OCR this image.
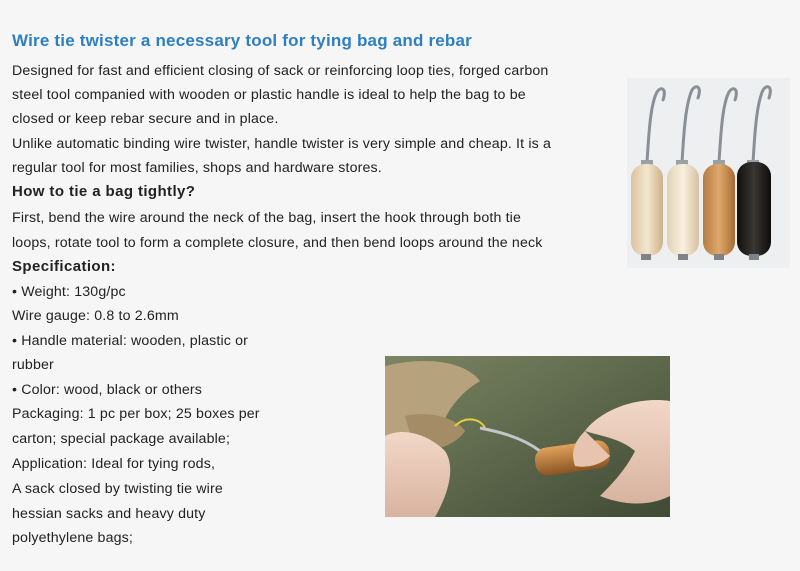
Wire tie twister a necessary tool for tying bag and rebar
Designed for fast and efficient closing of sack or reinforcing loop ties, forged carbon
steel tool companied with wooden or plastic handle is ideal to help the bag to be
closed or keep rebar secure and in place.
Unlike automatic binding wire twister, handle twister is very simple and cheap. It is a
regular tool for most families, shops and hardware stores.
How to tie a bag tightly?
First, bend the wire around the neck of the bag, insert the hook through both tie
loops, rotate tool to form a complete closure, and then bend loops around the neck
Specification:
• Weight: 130g/pc
Wire gauge: 0.8 to 2.6mm
• Handle material: wooden, plastic or
rubber
• Color: wood, black or others
Packaging: 1 pc per box; 25 boxes per
carton; special package available;
Application: Ideal for tying rods,
A sack closed by twisting tie wire
hessian sacks and heavy duty
polyethylene bags;
